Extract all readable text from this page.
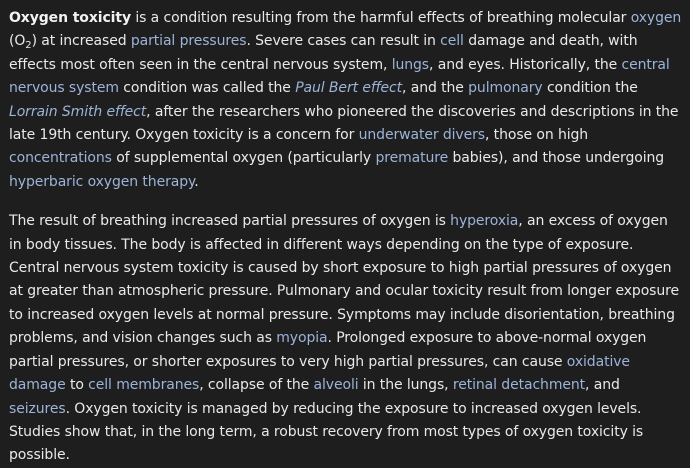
Oxygen toxicity is a condition resulting from the harmful effects of breathing molecular oxygen $(O_2)$ at increased partial pressures. Severe cases can result in cell damage and death, with effects most often seen in the central nervous system, lungs, and eyes. Historically, the central nervous system condition was called the Paul Bert effect, and the pulmonary condition the Lorrain Smith effect, after the researchers who pioneered the discoveries and descriptions in the late 19th century. Oxygen toxicity is a concern for underwater divers, those on high concentrations of supplemental oxygen (particularly premature babies), and those undergoing hyperbaric oxygen therapy.

The result of breathing increased partial pressures of oxygen is hyperoxia, an excess of oxygen in body tissues. The body is affected in different ways depending on the type of exposure. Central nervous system toxicity is caused by short exposure to high partial pressures of oxygen at greater than atmospheric pressure. Pulmonary and ocular toxicity result from longer exposure to increased oxygen levels at normal pressure. Symptoms may include disorientation, breathing problems, and vision changes such as myopia. Prolonged exposure to above-normal oxygen partial pressures, or shorter exposures to very high partial pressures, can cause oxidative damage to cell membranes, collapse of the alveoli in the lungs, retinal detachment, and seizures. Oxygen toxicity is managed by reducing the exposure to increased oxygen levels. Studies show that, in the long term, a robust recovery from most types of oxygen toxicity is possible.
